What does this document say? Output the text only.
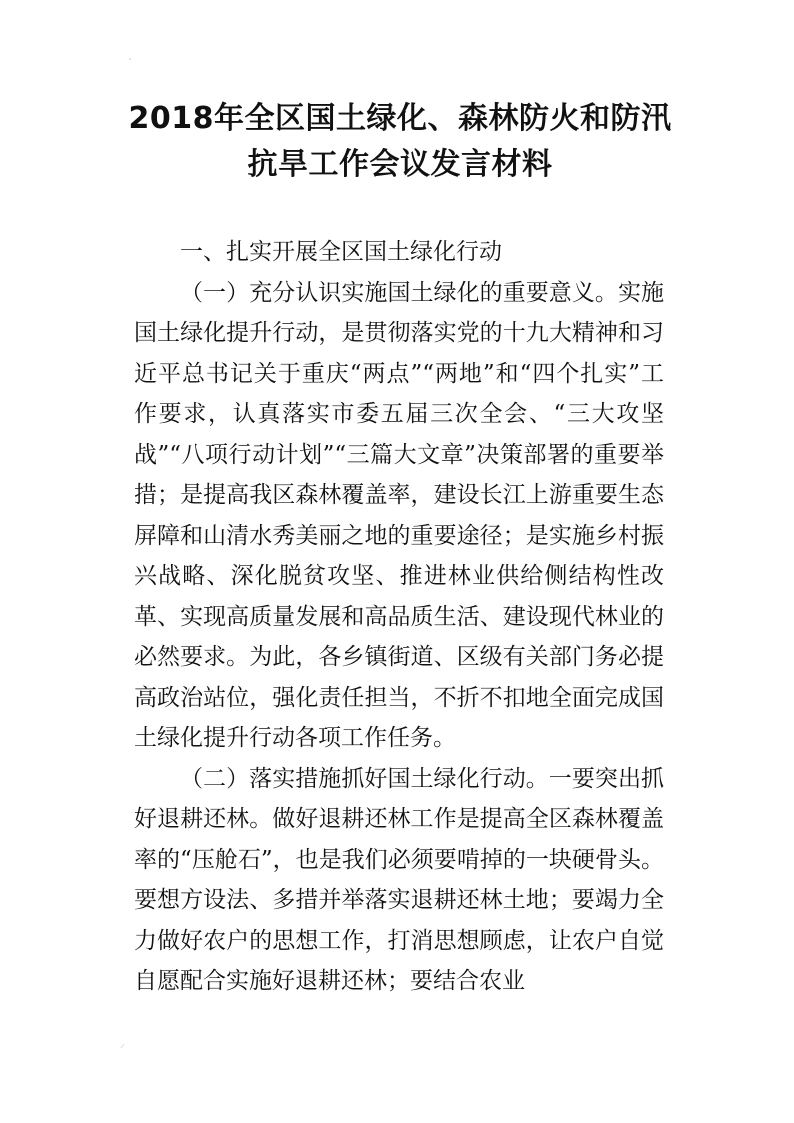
ˋ
2018年全区国土绿化、森林防火和防汛抗旱工作会议发言材料

一、扎实开展全区国土绿化行动

（一）充分认识实施国土绿化的重要意义。实施国土绿化提升行动，是贯彻落实党的十九大精神和习近平总书记关于重庆“两点”“两地”和“四个扎实”工作要求，认真落实市委五届三次全会、“三大攻坚战”“八项行动计划”“三篇大文章”决策部署的重要举措；是提高我区森林覆盖率，建设长江上游重要生态屏障和山清水秀美丽之地的重要途径；是实施乡村振兴战略、深化脱贫攻坚、推进林业供给侧结构性改革、实现高质量发展和高品质生活、建设现代林业的必然要求。为此，各乡镇街道、区级有关部门务必提高政治站位，强化责任担当，不折不扣地全面完成国土绿化提升行动各项工作任务。

（二）落实措施抓好国土绿化行动。一要突出抓好退耕还林。做好退耕还林工作是提高全区森林覆盖率的“压舱石”，也是我们必须要啃掉的一块硬骨头。要想方设法、多措并举落实退耕还林土地；要竭力全力做好农户的思想工作，打消思想顾虑，让农户自觉自愿配合实施好退耕还林；要结合农业

⸝
